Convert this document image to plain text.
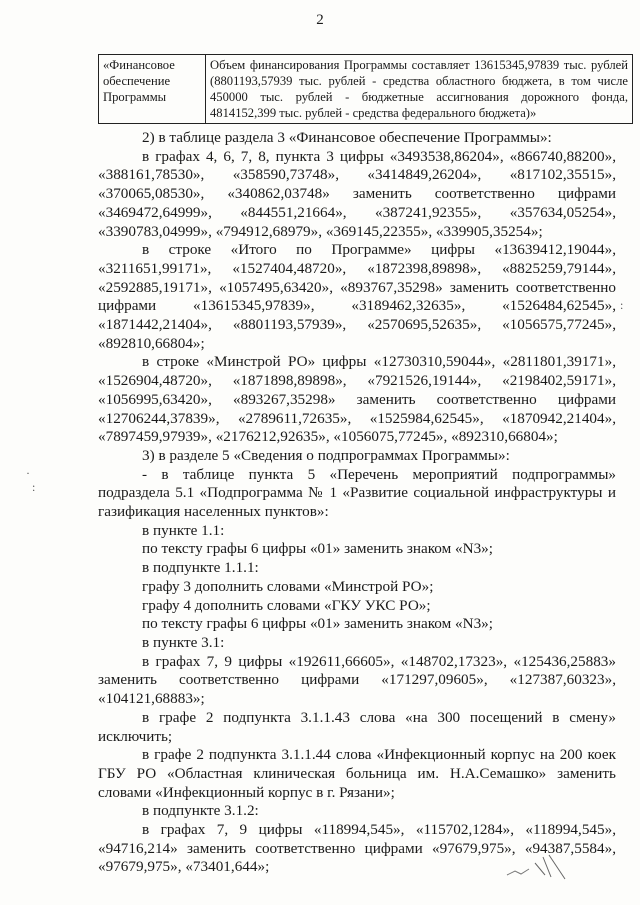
2
«Финансовое обеспечение Программы	Объем финансирования Программы составляет 13615345,97839 тыс. рублей (8801193,57939 тыс. рублей - средства областного бюджета, в том числе 450000 тыс. рублей - бюджетные ассигнования дорожного фонда, 4814152,399 тыс. рублей - средства федерального бюджета)»

2) в таблице раздела 3 «Финансовое обеспечение Программы»:

в графах 4, 6, 7, 8, пункта 3 цифры «3493538,86204», «866740,88200», «388161,78530», «358590,73748», «3414849,26204», «817102,35515», «370065,08530», «340862,03748» заменить соответственно цифрами «3469472,64999», «844551,21664», «387241,92355», «357634,05254», «3390783,04999», «794912,68979», «369145,22355», «339905,35254»;

в строке «Итого по Программе» цифры «13639412,19044», «3211651,99171», «1527404,48720», «1872398,89898», «8825259,79144», «2592885,19171», «1057495,63420», «893767,35298» заменить соответственно цифрами «13615345,97839», «3189462,32635», «1526484,62545», «1871442,21404», «8801193,57939», «2570695,52635», «1056575,77245», «892810,66804»;

в строке «Минстрой РО» цифры «12730310,59044», «2811801,39171», «1526904,48720», «1871898,89898», «7921526,19144», «2198402,59171», «1056995,63420», «893267,35298» заменить соответственно цифрами «12706244,37839», «2789611,72635», «1525984,62545», «1870942,21404», «7897459,97939», «2176212,92635», «1056075,77245», «892310,66804»;

3) в разделе 5 «Сведения о подпрограммах Программы»:

- в таблице пункта 5 «Перечень мероприятий подпрограммы» подраздела 5.1 «Подпрограмма № 1 «Развитие социальной инфраструктуры и газификация населенных пунктов»:

в пункте 1.1:

по тексту графы 6 цифры «01» заменить знаком «N3»;

в подпункте 1.1.1:

графу 3 дополнить словами «Минстрой РО»;

графу 4 дополнить словами «ГКУ УКС РО»;

по тексту графы 6 цифры «01» заменить знаком «N3»;

в пункте 3.1:

в графах 7, 9 цифры «192611,66605», «148702,17323», «125436,25883» заменить соответственно цифрами «171297,09605», «127387,60323», «104121,68883»;

в графе 2 подпункта 3.1.1.43 слова «на 300 посещений в смену» исключить;

в графе 2 подпункта 3.1.1.44 слова «Инфекционный корпус на 200 коек ГБУ РО «Областная клиническая больница им. Н.А.Семашко» заменить словами «Инфекционный корпус в г. Рязани»;

в подпункте 3.1.2:

в графах 7, 9 цифры «118994,545», «115702,1284», «118994,545», «94716,214» заменить соответственно цифрами «97679,975», «94387,5584», «97679,975», «73401,644»;

:
·
:
